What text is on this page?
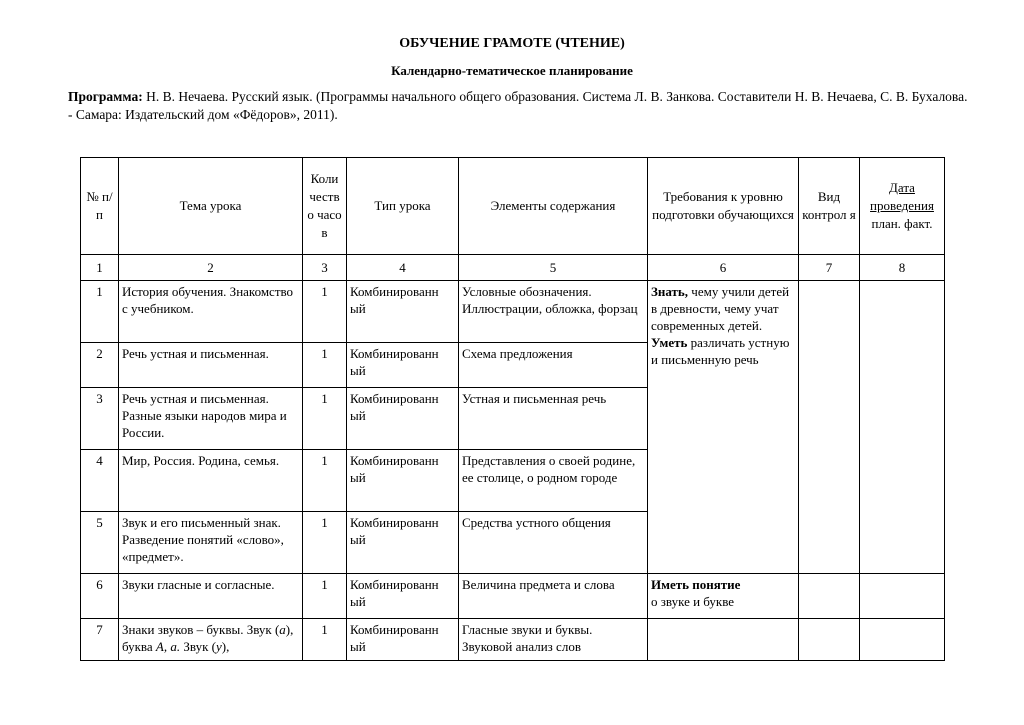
ОБУЧЕНИЕ ГРАМОТЕ (ЧТЕНИЕ)
Календарно-тематическое планирование
Программа: Н. В. Нечаева. Русский язык. (Программы начального общего образования. Система Л. В. Занкова. Составители Н. В. Нечаева, С. В. Бухалова. - Самара: Издательский дом «Фёдоров», 2011).
№ п/п	Тема урока	Коли честв о часо в	Тип урока	Элементы содержания	Требования к уровню подготовки обучающихся	Вид контрол я	Дата проведения
план. факт.

1	2	3	4	5	6	7	8
1	История обучения. Знакомство с учебником.	1	Комбинированн ый	Условные обозначения. Иллюстрации, обложка, форзац	Знать, чему учили детей в древности, чему учат современных детей. Уметь различать устную и письменную речь		

2	Речь устная и письменная.	1	Комбинированн ый	Схема предложения			
3	Речь устная и письменная. Разные языки народов мира и России.	1	Комбинированн ый	Устная и письменная речь			
4	Мир, Россия. Родина, семья.	1	Комбинированн ый	Представления о своей родине, ее столице, о родном городе			
5	Звук и его письменный знак. Разведение понятий «слово», «предмет».	1	Комбинированн ый	Средства устного общения			
6	Звуки гласные и согласные.	1	Комбинированн ый	Величина предмета и слова	Иметь понятие
о звуке и букве		

7	Знаки звуков – буквы. Звук (а), буква А, а. Звук (у),	1	Комбинированн ый	Гласные звуки и буквы. Звуковой анализ слов			
